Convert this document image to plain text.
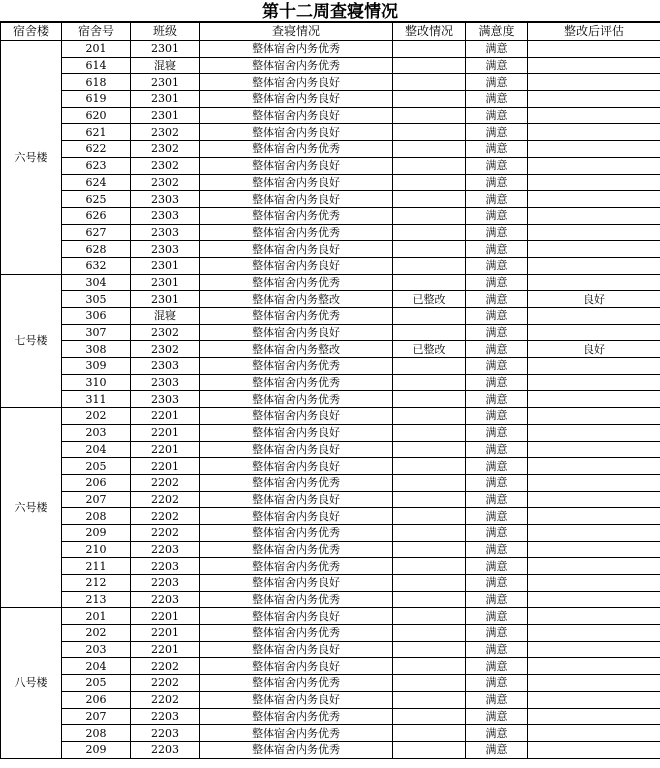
第十二周查寝情况
宿舍楼	宿舍号	班级	查寝情况	整改情况	满意度	整改后评估
六号楼	201	2301	整体宿舍内务优秀		满意	
	614	混寝	整体宿舍内务优秀		满意	
	618	2301	整体宿舍内务良好		满意	
	619	2301	整体宿舍内务良好		满意	
	620	2301	整体宿舍内务良好		满意	
	621	2302	整体宿舍内务良好		满意	
	622	2302	整体宿舍内务优秀		满意	
	623	2302	整体宿舍内务良好		满意	
	624	2302	整体宿舍内务良好		满意	
	625	2303	整体宿舍内务良好		满意	
	626	2303	整体宿舍内务优秀		满意	
	627	2303	整体宿舍内务优秀		满意	
	628	2303	整体宿舍内务良好		满意	
	632	2301	整体宿舍内务良好		满意	
七号楼	304	2301	整体宿舍内务优秀		满意	
	305	2301	整体宿舍内务整改	已整改	满意	良好
	306	混寝	整体宿舍内务优秀		满意	
	307	2302	整体宿舍内务良好		满意	
	308	2302	整体宿舍内务整改	已整改	满意	良好
	309	2303	整体宿舍内务优秀		满意	
	310	2303	整体宿舍内务优秀		满意	
	311	2303	整体宿舍内务优秀		满意	
六号楼	202	2201	整体宿舍内务良好		满意	
	203	2201	整体宿舍内务良好		满意	
	204	2201	整体宿舍内务良好		满意	
	205	2201	整体宿舍内务良好		满意	
	206	2202	整体宿舍内务优秀		满意	
	207	2202	整体宿舍内务良好		满意	
	208	2202	整体宿舍内务良好		满意	
	209	2202	整体宿舍内务优秀		满意	
	210	2203	整体宿舍内务优秀		满意	
	211	2203	整体宿舍内务优秀		满意	
	212	2203	整体宿舍内务良好		满意	
	213	2203	整体宿舍内务优秀		满意	
八号楼	201	2201	整体宿舍内务良好		满意	
	202	2201	整体宿舍内务优秀		满意	
	203	2201	整体宿舍内务良好		满意	
	204	2202	整体宿舍内务良好		满意	
	205	2202	整体宿舍内务优秀		满意	
	206	2202	整体宿舍内务良好		满意	
	207	2203	整体宿舍内务优秀		满意	
	208	2203	整体宿舍内务优秀		满意	
	209	2203	整体宿舍内务优秀		满意	
